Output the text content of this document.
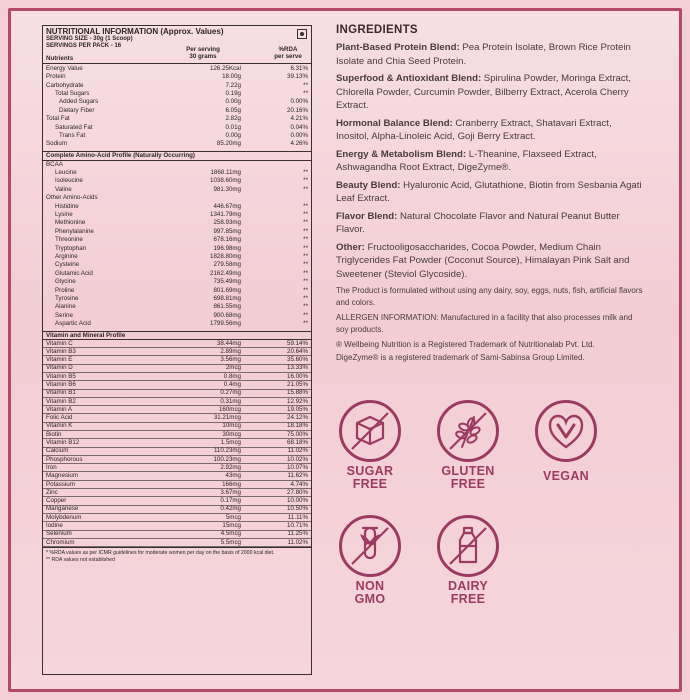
NUTRITIONAL INFORMATION (Approx. Values)
SERVING SIZE - 30g (1 Scoop)
SERVINGS PER PACK - 16
Per serving
30 grams
%RDA
per serve
Nutrients
Energy Value	126.25Kcal	6.31%
Protein	18.00g	39.13%
Carbohydrate	7.22g	**
Total Sugars	0.19g	**
Added Sugars	0.00g	0.00%
Dietary Fiber	6.05g	20.16%
Total Fat	2.82g	4.21%
Saturated Fat	0.01g	0.04%
Trans Fat	0.00g	0.00%
Sodium	85.20mg	4.26%
Complete Amino-Acid Profile (Naturally Occurring)
BCAA
Leucine	1868.11mg	**
Isoleucine	1038.60mg	**
Valine	981.30mg	**
Other Amino-Acids
Histidine	446.67mg	**
Lysine	1341.79mg	**
Methionine	258.93mg	**
Phenylalanine	997.85mg	**
Threonine	678.16mg	**
Tryptophan	196.98mg	**
Arginine	1828.80mg	**
Cysteine	279.58mg	**
Glutamic Acid	2162.49mg	**
Glycine	735.49mg	**
Proline	801.69mg	**
Tyrosine	698.81mg	**
Alanine	861.55mg	**
Serine	900.68mg	**
Aspartic Acid	1799.56mg	**
Vitamin and Mineral Profile
Vitamin C	38.44mg	59.14%
Vitamin B3	2.89mg	20.64%
Vitamin E	3.56mg	35.60%
Vitamin D	2mcg	13.33%
Vitamin B5	0.8mg	16.00%
Vitamin B6	0.4mg	21.05%
Vitamin B1	0.27mg	15.88%
Vitamin B2	0.31mg	12.92%
Vitamin A	160mcg	19.05%
Folic Acid	31.21mcg	24.12%
Vitamin K	10mcg	18.18%
Biotin	30mcg	75.00%
Vitamin B12	1.5mcg	68.18%
Calcium	110.23mg	11.02%
Phosphorous	100.23mg	10.02%
Iron	2.92mg	10.07%
Magnesium	43mg	11.62%
Potassium	166mg	4.74%
Zinc	3.67mg	27.80%
Copper	0.17mg	10.00%
Manganese	0.42mg	10.50%
Molybdenum	5mcg	11.11%
Iodine	15mcg	10.71%
Selenium	4.5mcg	11.25%
Chromium	5.5mcg	11.02%
* %RDA values as per ICMR guidelines for moderate women per day on the basis of 2000 kcal diet.
** RDA values not established
INGREDIENTS
Plant-Based Protein Blend: Pea Protein Isolate, Brown Rice Protein Isolate and Chia Seed Protein.
Superfood & Antioxidant Blend: Spirulina Powder, Moringa Extract, Chlorella Powder, Curcumin Powder, Bilberry Extract, Acerola Cherry Extract.
Hormonal Balance Blend: Cranberry Extract, Shatavari Extract, Inositol, Alpha-Linoleic Acid, Goji Berry Extract.
Energy & Metabolism Blend: L-Theanine, Flaxseed Extract, Ashwagandha Root Extract, DigeZyme®.
Beauty Blend: Hyaluronic Acid, Glutathione, Biotin from Sesbania Agati Leaf Extract.
Flavor Blend: Natural Chocolate Flavor and Natural Peanut Butter Flavor.
Other: Fructooligosaccharides, Cocoa Powder, Medium Chain Triglycerides Fat Powder (Coconut Source), Himalayan Pink Salt and Sweetener (Steviol Glycoside).
The Product is formulated without using any dairy, soy, eggs, nuts, fish, artificial flavors and colors.
ALLERGEN INFORMATION: Manufactured in a facility that also processes milk and soy products.
® Wellbeing Nutrition is a Registered Trademark of Nutritionalab Pvt. Ltd.
DigeZyme® is a registered trademark of Sami-Sabinsa Group Limited.
SUGAR
FREE
GLUTEN
FREE
VEGAN
NON
GMO
DAIRY
FREE
